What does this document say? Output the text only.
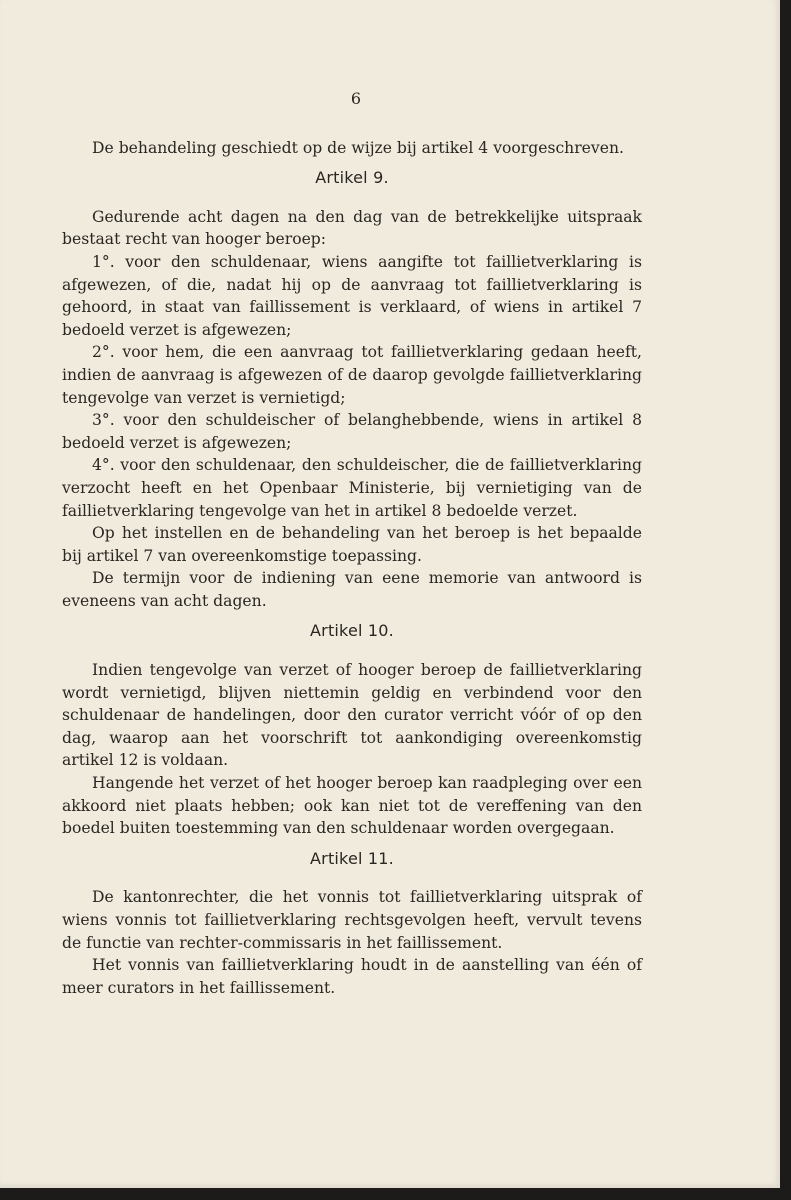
6

De behandeling geschiedt op de wijze bij artikel 4 voorgeschreven.

Artikel 9.

Gedurende acht dagen na den dag van de betrekkelijke uitspraak bestaat recht van hooger beroep:

1°. voor den schuldenaar, wiens aangifte tot faillietverklaring is afgewezen, of die, nadat hij op de aanvraag tot faillietverklaring is gehoord, in staat van faillissement is verklaard, of wiens in artikel 7 bedoeld verzet is afgewezen;

2°. voor hem, die een aanvraag tot faillietverklaring gedaan heeft, indien de aanvraag is afgewezen of de daarop gevolgde faillietverklaring tengevolge van verzet is vernietigd;

3°. voor den schuldeischer of belanghebbende, wiens in artikel 8 bedoeld verzet is afgewezen;

4°. voor den schuldenaar, den schuldeischer, die de faillietverklaring verzocht heeft en het Openbaar Ministerie, bij vernietiging van de faillietverklaring tengevolge van het in artikel 8 bedoelde verzet.

Op het instellen en de behandeling van het beroep is het bepaalde bij artikel 7 van overeenkomstige toepassing.

De termijn voor de indiening van eene memorie van antwoord is eveneens van acht dagen.

Artikel 10.

Indien tengevolge van verzet of hooger beroep de faillietverklaring wordt vernietigd, blijven niettemin geldig en verbindend voor den schuldenaar de handelingen, door den curator verricht vóór of op den dag, waarop aan het voorschrift tot aankondiging overeenkomstig artikel 12 is voldaan.

Hangende het verzet of het hooger beroep kan raadpleging over een akkoord niet plaats hebben; ook kan niet tot de vereffening van den boedel buiten toestemming van den schuldenaar worden overgegaan.

Artikel 11.

De kantonrechter, die het vonnis tot faillietverklaring uitsprak of wiens vonnis tot faillietverklaring rechtsgevolgen heeft, vervult tevens de functie van rechter-commissaris in het faillissement.

Het vonnis van faillietverklaring houdt in de aanstelling van één of meer curators in het faillissement.
